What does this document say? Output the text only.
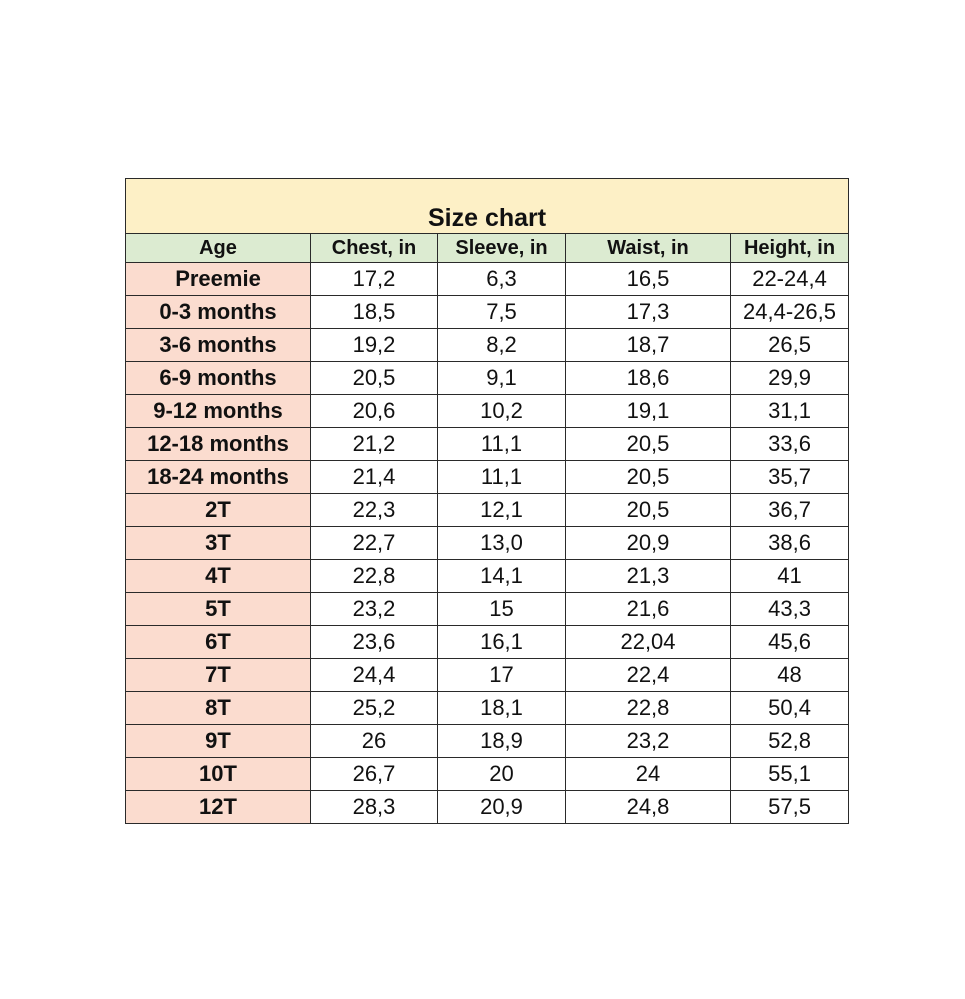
Size chart				
Age	Chest, in	Sleeve, in	Waist, in	Height, in
Preemie	17,2	6,3	16,5	22-24,4
0-3 months	18,5	7,5	17,3	24,4-26,5
3-6 months	19,2	8,2	18,7	26,5
6-9 months	20,5	9,1	18,6	29,9
9-12 months	20,6	10,2	19,1	31,1
12-18 months	21,2	11,1	20,5	33,6
18-24 months	21,4	11,1	20,5	35,7
2T	22,3	12,1	20,5	36,7
3T	22,7	13,0	20,9	38,6
4T	22,8	14,1	21,3	41
5T	23,2	15	21,6	43,3
6T	23,6	16,1	22,04	45,6
7T	24,4	17	22,4	48
8T	25,2	18,1	22,8	50,4
9T	26	18,9	23,2	52,8
10T	26,7	20	24	55,1
12T	28,3	20,9	24,8	57,5
